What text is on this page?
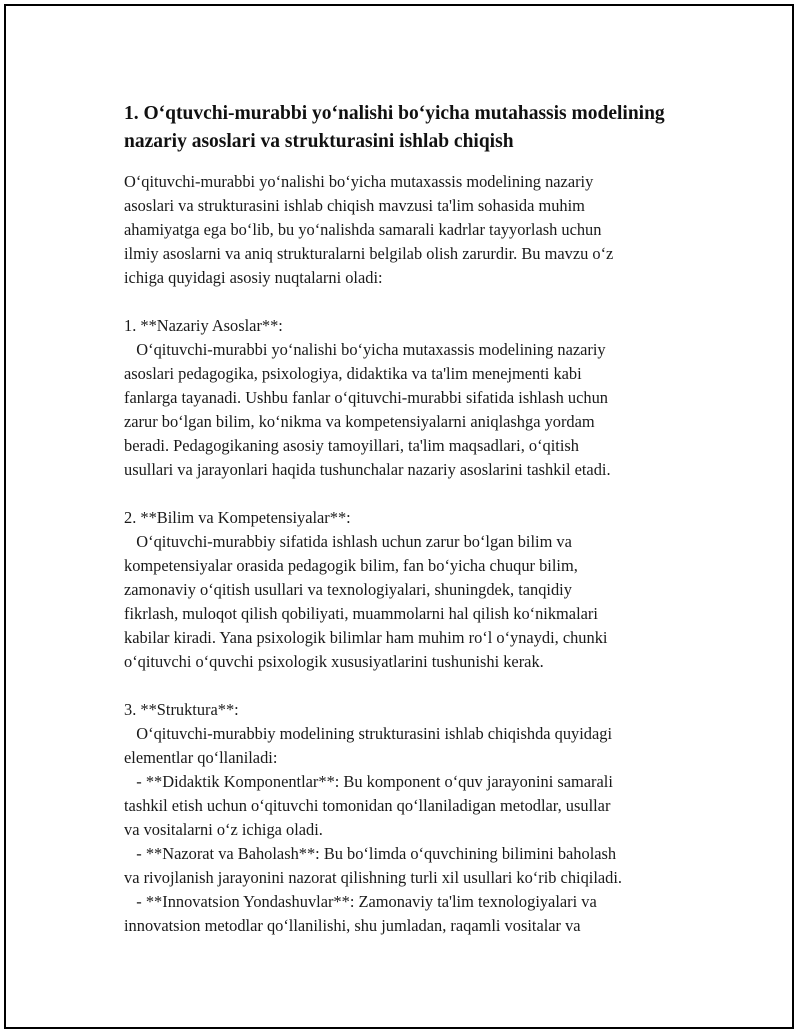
1. O‘qtuvchi-murabbi yo‘nalishi bo‘yicha mutahassis modelining nazariy asoslari va strukturasini ishlab chiqish

O‘qituvchi-murabbi yo‘nalishi bo‘yicha mutaxassis modelining nazariy
asoslari va strukturasini ishlab chiqish mavzusi ta'lim sohasida muhim
ahamiyatga ega bo‘lib, bu yo‘nalishda samarali kadrlar tayyorlash uchun
ilmiy asoslarni va aniq strukturalarni belgilab olish zarurdir. Bu mavzu o‘z
ichiga quyidagi asosiy nuqtalarni oladi:

1. **Nazariy Asoslar**:
O‘qituvchi-murabbi yo‘nalishi bo‘yicha mutaxassis modelining nazariy
asoslari pedagogika, psixologiya, didaktika va ta'lim menejmenti kabi
fanlarga tayanadi. Ushbu fanlar o‘qituvchi-murabbi sifatida ishlash uchun
zarur bo‘lgan bilim, ko‘nikma va kompetensiyalarni aniqlashga yordam
beradi. Pedagogikaning asosiy tamoyillari, ta'lim maqsadlari, o‘qitish
usullari va jarayonlari haqida tushunchalar nazariy asoslarini tashkil etadi.

2. **Bilim va Kompetensiyalar**:
O‘qituvchi-murabbiy sifatida ishlash uchun zarur bo‘lgan bilim va
kompetensiyalar orasida pedagogik bilim, fan bo‘yicha chuqur bilim,
zamonaviy o‘qitish usullari va texnologiyalari, shuningdek, tanqidiy
fikrlash, muloqot qilish qobiliyati, muammolarni hal qilish ko‘nikmalari
kabilar kiradi. Yana psixologik bilimlar ham muhim ro‘l o‘ynaydi, chunki
o‘qituvchi o‘quvchi psixologik xususiyatlarini tushunishi kerak.

3. **Struktura**:
O‘qituvchi-murabbiy modelining strukturasini ishlab chiqishda quyidagi
elementlar qo‘llaniladi:
- **Didaktik Komponentlar**: Bu komponent o‘quv jarayonini samarali
tashkil etish uchun o‘qituvchi tomonidan qo‘llaniladigan metodlar, usullar
va vositalarni o‘z ichiga oladi.
- **Nazorat va Baholash**: Bu bo‘limda o‘quvchining bilimini baholash
va rivojlanish jarayonini nazorat qilishning turli xil usullari ko‘rib chiqiladi.
- **Innovatsion Yondashuvlar**: Zamonaviy ta'lim texnologiyalari va
innovatsion metodlar qo‘llanilishi, shu jumladan, raqamli vositalar va
